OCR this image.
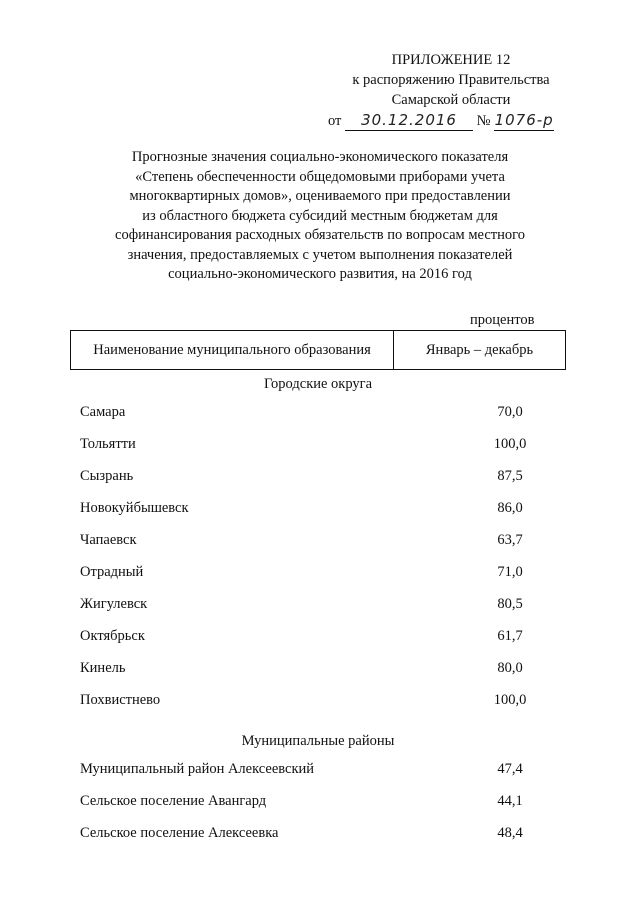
ПРИЛОЖЕНИЕ 12
к распоряжению Правительства
Самарской области
от 30.12.2016 № 1076-р
Прогнозные значения социально-экономического показателя
«Степень обеспеченности общедомовыми приборами учета
многоквартирных домов», оцениваемого при предоставлении
из областного бюджета субсидий местным бюджетам для
софинансирования расходных обязательств по вопросам местного
значения, предоставляемых с учетом выполнения показателей
социально-экономического развития, на 2016 год
процентов
Наименование муниципального образования	Январь – декабрь
Городские округа
Самара	70,0
Тольятти	100,0
Сызрань	87,5
Новокуйбышевск	86,0
Чапаевск	63,7
Отрадный	71,0
Жигулевск	80,5
Октябрьск	61,7
Кинель	80,0
Похвистнево	100,0
Муниципальные районы
Муниципальный район Алексеевский	47,4
Сельское поселение Авангард	44,1
Сельское поселение Алексеевка	48,4
